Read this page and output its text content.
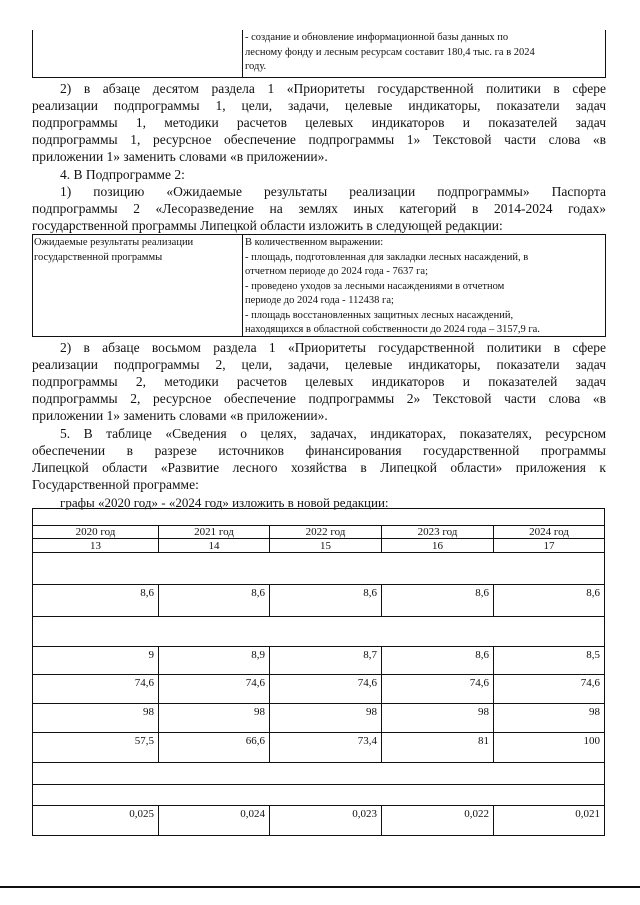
- создание и обновление информационной базы данных по
лесному фонду и лесным ресурсам составит 180,4 тыс. га в 2024
году.
2) в абзаце десятом раздела 1 «Приоритеты государственной политики в сфере
реализации подпрограммы 1, цели, задачи, целевые индикаторы, показатели задач
подпрограммы 1, методики расчетов целевых индикаторов и показателей задач
подпрограммы 1, ресурсное обеспечение подпрограммы 1» Текстовой части слова «в
приложении 1» заменить словами «в приложении».
4. В Подпрограмме 2:
1) позицию «Ожидаемые результаты реализации подпрограммы» Паспорта
подпрограммы 2 «Лесоразведение на землях иных категорий в 2014-2024 годах»
государственной программы Липецкой области изложить в следующей редакции:
Ожидаемые результаты реализации
государственной программы
В количественном выражении:
- площадь, подготовленная для закладки лесных насаждений, в
отчетном периоде до 2024 года - 7637 га;
- проведено уходов за лесными насаждениями в отчетном
периоде до 2024 года - 112438 га;
- площадь восстановленных защитных лесных насаждений,
находящихся в областной собственности до 2024 года – 3157,9 га.
2) в абзаце восьмом раздела 1 «Приоритеты государственной политики в сфере
реализации подпрограммы 2, цели, задачи, целевые индикаторы, показатели задач
подпрограммы 2, методики расчетов целевых индикаторов и показателей задач
подпрограммы 2, ресурсное обеспечение подпрограммы 2» Текстовой части слова «в
приложении 1» заменить словами «в приложении».
5. В таблице «Сведения о целях, задачах, индикаторах, показателях, ресурсном
обеспечении в разрезе источников финансирования государственной программы
Липецкой области «Развитие лесного хозяйства в Липецкой области» приложения к
Государственной программе:
графы «2020 год» - «2024 год» изложить в новой редакции:

2020 год	2021 год	2022 год	2023 год	2024 год
13	14	15	16	17

8,6	8,6	8,6	8,6	8,6

9	8,9	8,7	8,6	8,5
74,6	74,6	74,6	74,6	74,6
98	98	98	98	98
57,5	66,6	73,4	81	100

0,025	0,024	0,023	0,022	0,021
